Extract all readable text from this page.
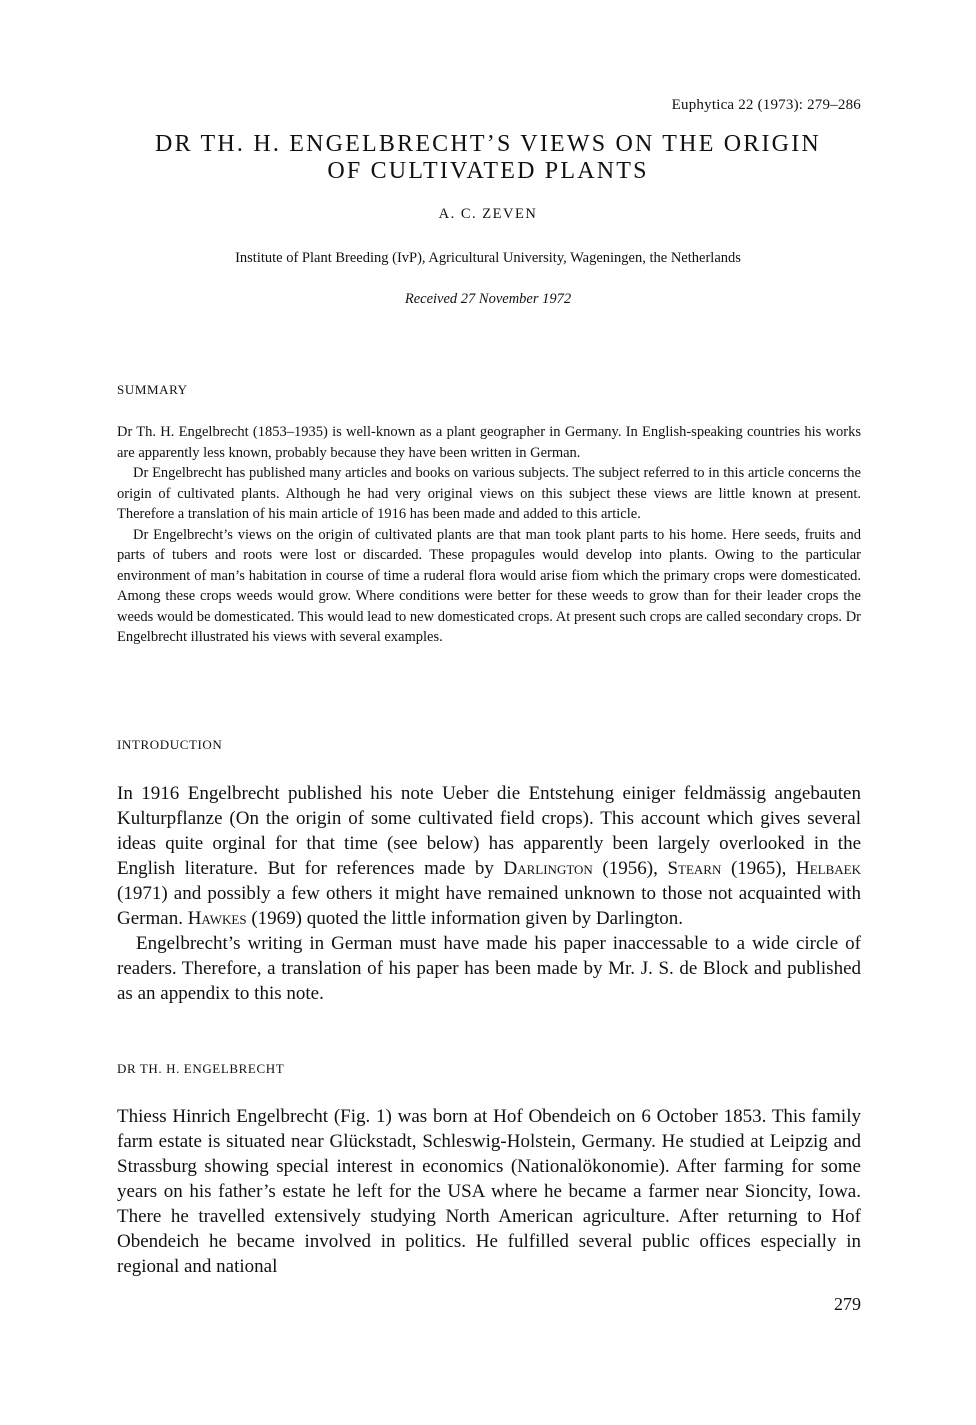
Euphytica 22 (1973): 279–286
DR TH. H. ENGELBRECHT’S VIEWS ON THE ORIGIN
OF CULTIVATED PLANTS
A. C. ZEVEN
Institute of Plant Breeding (IvP), Agricultural University, Wageningen, the Netherlands
Received 27 November 1972
SUMMARY

Dr Th. H. Engelbrecht (1853–1935) is well-known as a plant geographer in Germany. In English-speaking countries his works are apparently less known, probably because they have been written in German.

Dr Engelbrecht has published many articles and books on various subjects. The subject referred to in this article concerns the origin of cultivated plants. Although he had very original views on this subject these views are little known at present. Therefore a translation of his main article of 1916 has been made and added to this article.

Dr Engelbrecht’s views on the origin of cultivated plants are that man took plant parts to his home. Here seeds, fruits and parts of tubers and roots were lost or discarded. These propagules would develop into plants. Owing to the particular environment of man’s habitation in course of time a ruderal flora would arise fiom which the primary crops were domesticated. Among these crops weeds would grow. Where conditions were better for these weeds to grow than for their leader crops the weeds would be domesticated. This would lead to new domesticated crops. At present such crops are called secondary crops. Dr Engelbrecht illustrated his views with several examples.

INTRODUCTION

In 1916 Engelbrecht published his note Ueber die Entstehung einiger feldmässig angebauten Kulturpflanze (On the origin of some cultivated field crops). This account which gives several ideas quite orginal for that time (see below) has apparently been largely overlooked in the English literature. But for references made by Darlington (1956), Stearn (1965), Helbaek (1971) and possibly a few others it might have remained unknown to those not acquainted with German. Hawkes (1969) quoted the little information given by Darlington.

Engelbrecht’s writing in German must have made his paper inaccessable to a wide circle of readers. Therefore, a translation of his paper has been made by Mr. J. S. de Block and published as an appendix to this note.

DR TH. H. ENGELBRECHT

Thiess Hinrich Engelbrecht (Fig. 1) was born at Hof Obendeich on 6 October 1853. This family farm estate is situated near Glückstadt, Schleswig-Holstein, Germany. He studied at Leipzig and Strassburg showing special interest in economics (Nationalökonomie). After farming for some years on his father’s estate he left for the USA where he became a farmer near Sioncity, Iowa. There he travelled extensively studying North American agriculture. After returning to Hof Obendeich he became involved in politics. He fulfilled several public offices especially in regional and national

279
